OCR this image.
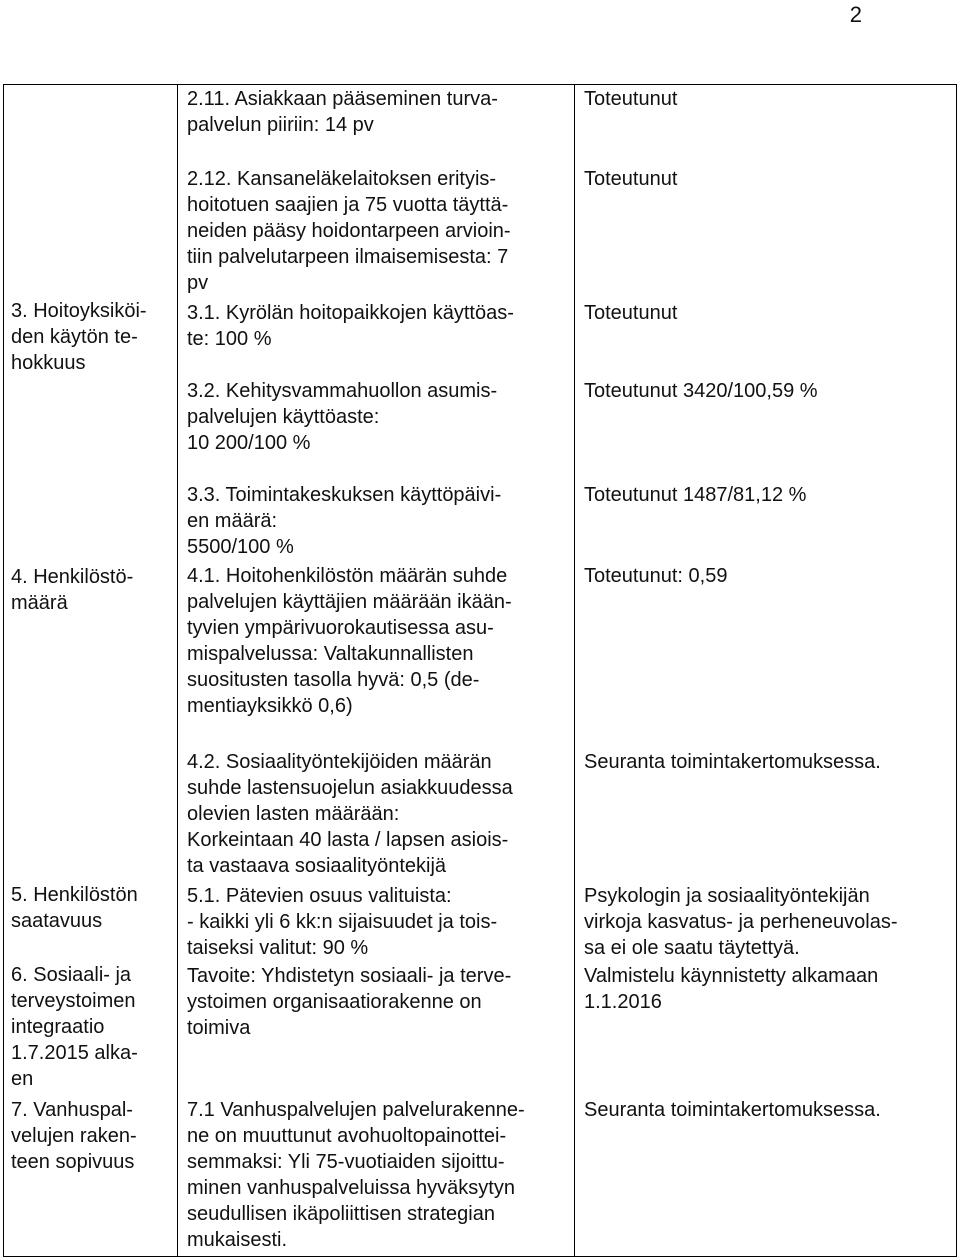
2
3. Hoitoyksiköi-
den käytön te-
hokkuus
4. Henkilöstö-
määrä
5. Henkilöstön
saatavuus
6. Sosiaali- ja
terveystoimen
integraatio
1.7.2015 alka-
en
7. Vanhuspal-
velujen raken-
teen sopivuus
2.11. Asiakkaan pääseminen turva-
palvelun piiriin: 14 pv
2.12. Kansaneläkelaitoksen erityis-
hoitotuen saajien ja 75 vuotta täyttä-
neiden pääsy hoidontarpeen arvioin-
tiin palvelutarpeen ilmaisemisesta: 7
pv
3.1. Kyrölän hoitopaikkojen käyttöas-
te: 100 %
3.2. Kehitysvammahuollon asumis-
palvelujen käyttöaste:
10 200/100 %
3.3. Toimintakeskuksen käyttöpäivi-
en määrä:
5500/100 %
4.1. Hoitohenkilöstön määrän suhde
palvelujen käyttäjien määrään ikään-
tyvien ympärivuorokautisessa asu-
mispalvelussa: Valtakunnallisten
suositusten tasolla hyvä: 0,5 (de-
mentiayksikkö 0,6)
4.2. Sosiaalityöntekijöiden määrän
suhde lastensuojelun asiakkuudessa
olevien lasten määrään:
Korkeintaan 40 lasta / lapsen asiois-
ta vastaava sosiaalityöntekijä
5.1. Pätevien osuus valituista:
- kaikki yli 6 kk:n sijaisuudet ja tois-
taiseksi valitut: 90 %
Tavoite: Yhdistetyn sosiaali- ja terve-
ystoimen organisaatiorakenne on
toimiva
7.1 Vanhuspalvelujen palvelurakenne-
ne on muuttunut avohuoltopainottei-
semmaksi: Yli 75-vuotiaiden sijoittu-
minen vanhuspalveluissa hyväksytyn
seudullisen ikäpoliittisen strategian
mukaisesti.
Toteutunut
Toteutunut
Toteutunut
Toteutunut 3420/100,59 %
Toteutunut 1487/81,12 %
Toteutunut: 0,59
Seuranta toimintakertomuksessa.
Psykologin ja sosiaalityöntekijän
virkoja kasvatus- ja perheneuvolas-
sa ei ole saatu täytettyä.
Valmistelu käynnistetty alkamaan
1.1.2016
Seuranta toimintakertomuksessa.
